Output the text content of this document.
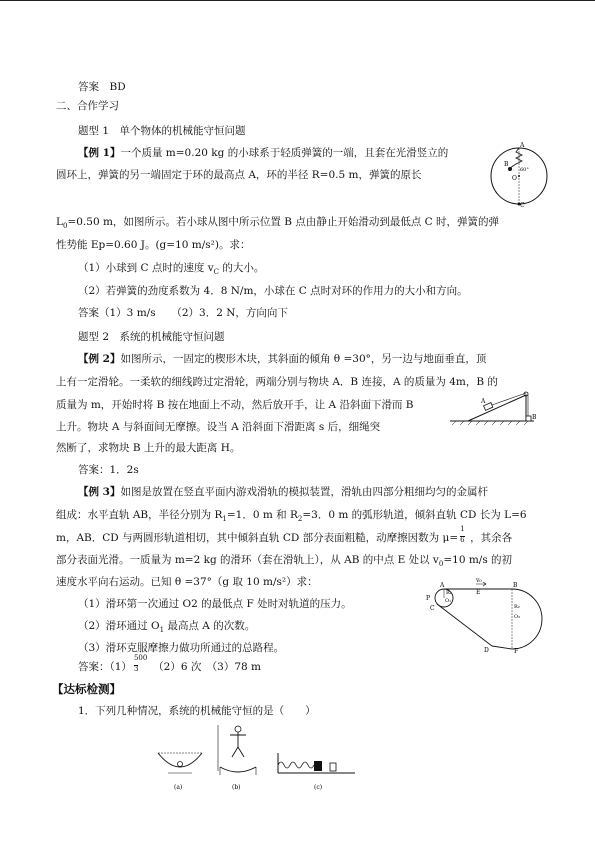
答案　BD
二、合作学习
题型 1　单个物体的机械能守恒问题
【例 1】一个质量 m=0.20 kg 的小球系于轻质弹簧的一端，且套在光滑竖立的
圆环上，弹簧的另一端固定于环的最高点 A，环的半径 R=0.5 m，弹簧的原长
$L_0=0.50$ m，如图所示。若小球从图中所示位置 B 点由静止开始滑动到最低点 C 时，弹簧的弹
性势能 Ep=0.60 J。(g=10 m/s²)。求：
（1）小球到 C 点时的速度 $v_C$ 的大小。
（2）若弹簧的劲度系数为 4．8 N/m，小球在 C 点时对环的作用力的大小和方向。
答案（1）3 m/s　　（2）3．2 N，方向向下
A
B
O
C
60°
题型 2　系统的机械能守恒问题
【例 2】如图所示，一固定的楔形木块，其斜面的倾角 θ =30°，另一边与地面垂直，顶
上有一定滑轮。一柔软的细线跨过定滑轮，两端分别与物块 A．B 连接，A 的质量为 4m，B 的
质量为 m，开始时将 B 按在地面上不动，然后放开手，让 A 沿斜面下滑而 B
上升。物块 A 与斜面间无摩擦。设当 A 沿斜面下滑距离 s 后，细绳突
然断了，求物块 B 上升的最大距离 H。
答案：1．2s
A
B
【例 3】如图是放置在竖直平面内游戏滑轨的模拟装置，滑轨由四部分粗细均匀的金属杆
组成：水平直轨 AB，半径分别为 $R_1=1$．0 m 和 $R_2=3$．0 m 的弧形轨道，倾斜直轨 CD 长为 L=6
m，AB．CD 与两圆形轨道相切，其中倾斜直轨 CD 部分表面粗糙，动摩擦因数为 $\mu= \frac{1}{6}$ ，其余各
部分表面光滑。一质量为 m=2 kg 的滑环（套在滑轨上），从 AB 的中点 E 处以 $v_0=10$ m/s 的初
速度水平向右运动。已知 θ =37°（g 取 10 m/s²）求：
（1）滑环第一次通过 O2 的最低点 F 处时对轨道的压力。
（2）滑环通过 $O_1$ 最高点 A 的次数。
（3）滑环克服摩擦力做功所通过的总路程。
答案：$(1) \frac{500}{3}$ 　（2）6 次　（3）78 m
v₀
A
E
B
R₁
O₁
P
C
O₂
R₂
D	F
【达标检测】
1．下列几种情况，系统的机械能守恒的是（　　）
(a)	(b)	(c)
